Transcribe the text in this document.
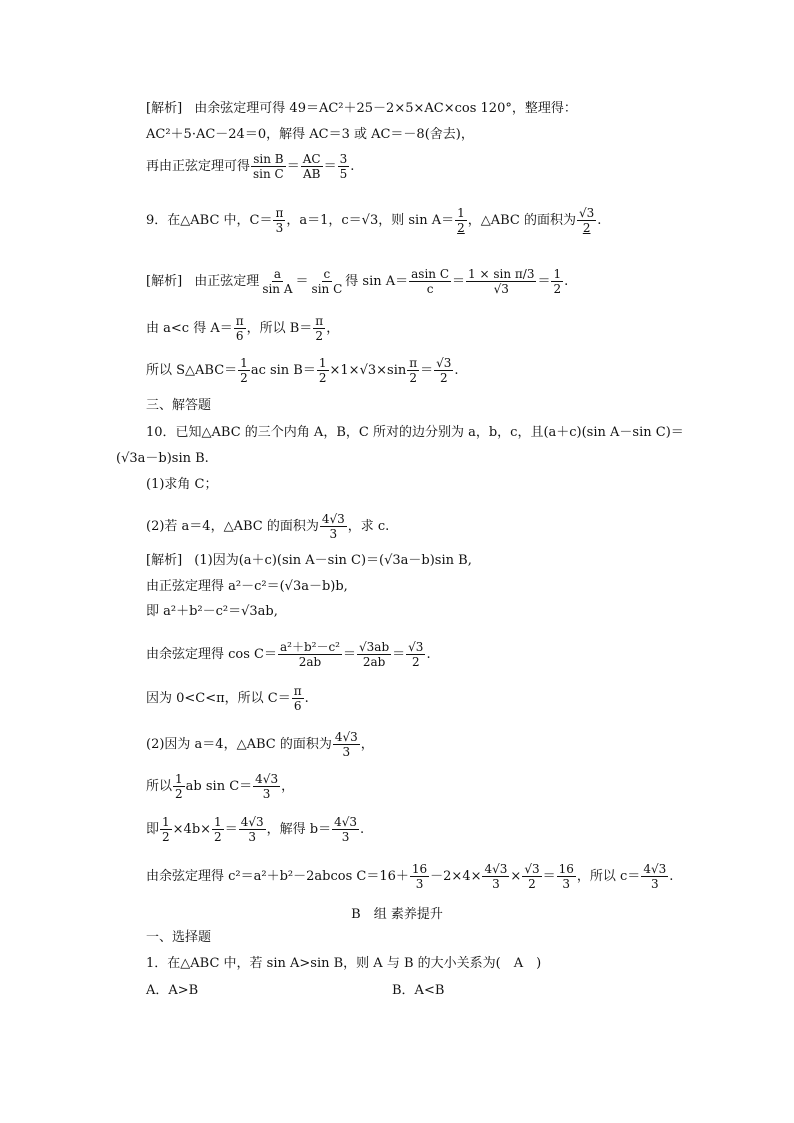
[解析] 由余弦定理可得 49＝AC²＋25－2×5×AC×cos 120°，整理得：
AC²＋5·AC－24＝0，解得 AC＝3 或 AC＝－8(舍去)，
再由正弦定理可得 $\frac{\text{sin B}}{\text{sin C}} = \frac{AC}{AB} = \frac{3}{5}$ .
9．在△ABC 中，$C= \frac{\pi}{3}$ ，a＝1，c＝√3，则 $\sin A= \frac{1}{2}$ ，△ABC 的面积为 $\frac{√3}{2}$ .
[解析] 由正弦定理 $\frac{a}{\text{sin A}} = \frac{c}{\text{sin C}}$ 得 $\sin A= \frac{\text{asin C}}{c} = \frac{\text{1 × sin π/3}}{√3} = \frac{1}{2}$ .
由 a<c 得 $A= \frac{\pi}{6}$ ，所以 $B= \frac{\pi}{2}$ ，
所以 S△ABC＝ $\frac{1}{2}$ ac $\sin B= \frac{1}{2} \times 1\times√3\times\sin \frac{\pi}{2} = \frac{√3}{2}$ .
三、解答题
10．已知△ABC 的三个内角 A，B，C 所对的边分别为 a，b，c，且(a＋c)(sin A－sin C)＝
(√3a－b)sin B.
(1)求角 C；
(2)若 a＝4，△ABC 的面积为 $\frac{4√3}{3}$ ，求 c.
[解析] (1)因为(a＋c)(sin A－sin C)＝(√3a－b)sin B,
由正弦定理得 a²－c²＝(√3a－b)b,
即 a²＋b²－c²＝√3ab,
由余弦定理得 $\cos C= \frac{\text{a²＋b²－c²}}{2ab} = \frac{√3ab}{2ab} = \frac{√3}{2}$ .
因为 0<C<π，所以 $C= \frac{\pi}{6}$ .
(2)因为 a＝4，△ABC 的面积为 $\frac{4√3}{3}$ ，
所以 $\frac{1}{2}$ ab $\sin C= \frac{4√3}{3}$ ，
即 $\frac{1}{2} \times 4b\times \frac{1}{2} = \frac{4√3}{3}$ ，解得 $b= \frac{4√3}{3}$ .
由余弦定理得 c²＝a²＋b²－2abcos $C=16+ \frac{16}{3} -2\times 4\times \frac{4√3}{3} \times \frac{√3}{2} = \frac{16}{3}$ ，所以 $c= \frac{4√3}{3}$ .
B　组 素养提升
一、选择题
1．在△ABC 中，若 sin A>sin B，则 A 与 B 的大小关系为(　A　)
A．A>B	B．A<B
